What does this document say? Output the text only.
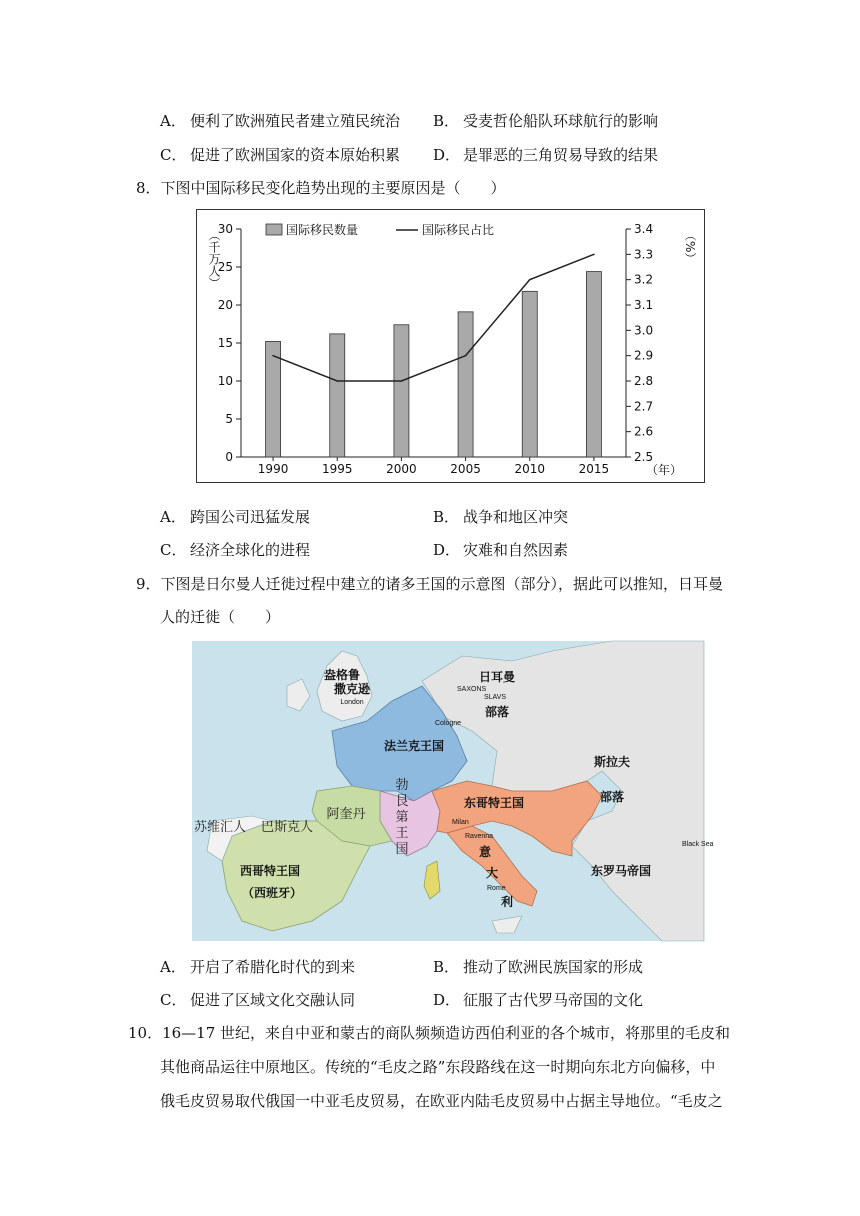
A． 便利了欧洲殖民者建立殖民统治 B． 受麦哲伦船队环球航行的影响
C． 促进了欧洲国家的资本原始积累 D． 是罪恶的三角贸易导致的结果
8．下图中国际移民变化趋势出现的主要原因是（　　）
（千万人）	（%）
（年）
国际移民数量	国际移民占比
0
5
10
15
20
25
30
2.5
2.6
2.7
2.8
2.9
3.0
3.1
3.2
3.3
3.4
1990	1995	2000	2005	2010	2015
A． 跨国公司迅猛发展	B． 战争和地区冲突
C． 经济全球化的进程	D． 灾难和自然因素
9．下图是日尔曼人迁徙过程中建立的诸多王国的示意图（部分），据此可以推知，日耳曼
人的迁徙（　　）
盎格鲁
撒克逊
London
SAXONS
日耳曼
部落
SLAVS
Cologne
法兰克王国
斯拉夫
部落
勃
艮
第
王
国
阿奎丹
苏维汇人 巴斯克人
东哥特王国
Milan
Ravenna
意
大
Rome
利
西哥特王国
（西班牙）
东罗马帝国
Black Sea
A． 开启了希腊化时代的到来	B． 推动了欧洲民族国家的形成
C． 促进了区域文化交融认同	D． 征服了古代罗马帝国的文化
10．16—17 世纪，来自中亚和蒙古的商队频频造访西伯利亚的各个城市，将那里的毛皮和
其他商品运往中原地区。传统的“毛皮之路”东段路线在这一时期向东北方向偏移，中
俄毛皮贸易取代俄国一中亚毛皮贸易，在欧亚内陆毛皮贸易中占据主导地位。“毛皮之
